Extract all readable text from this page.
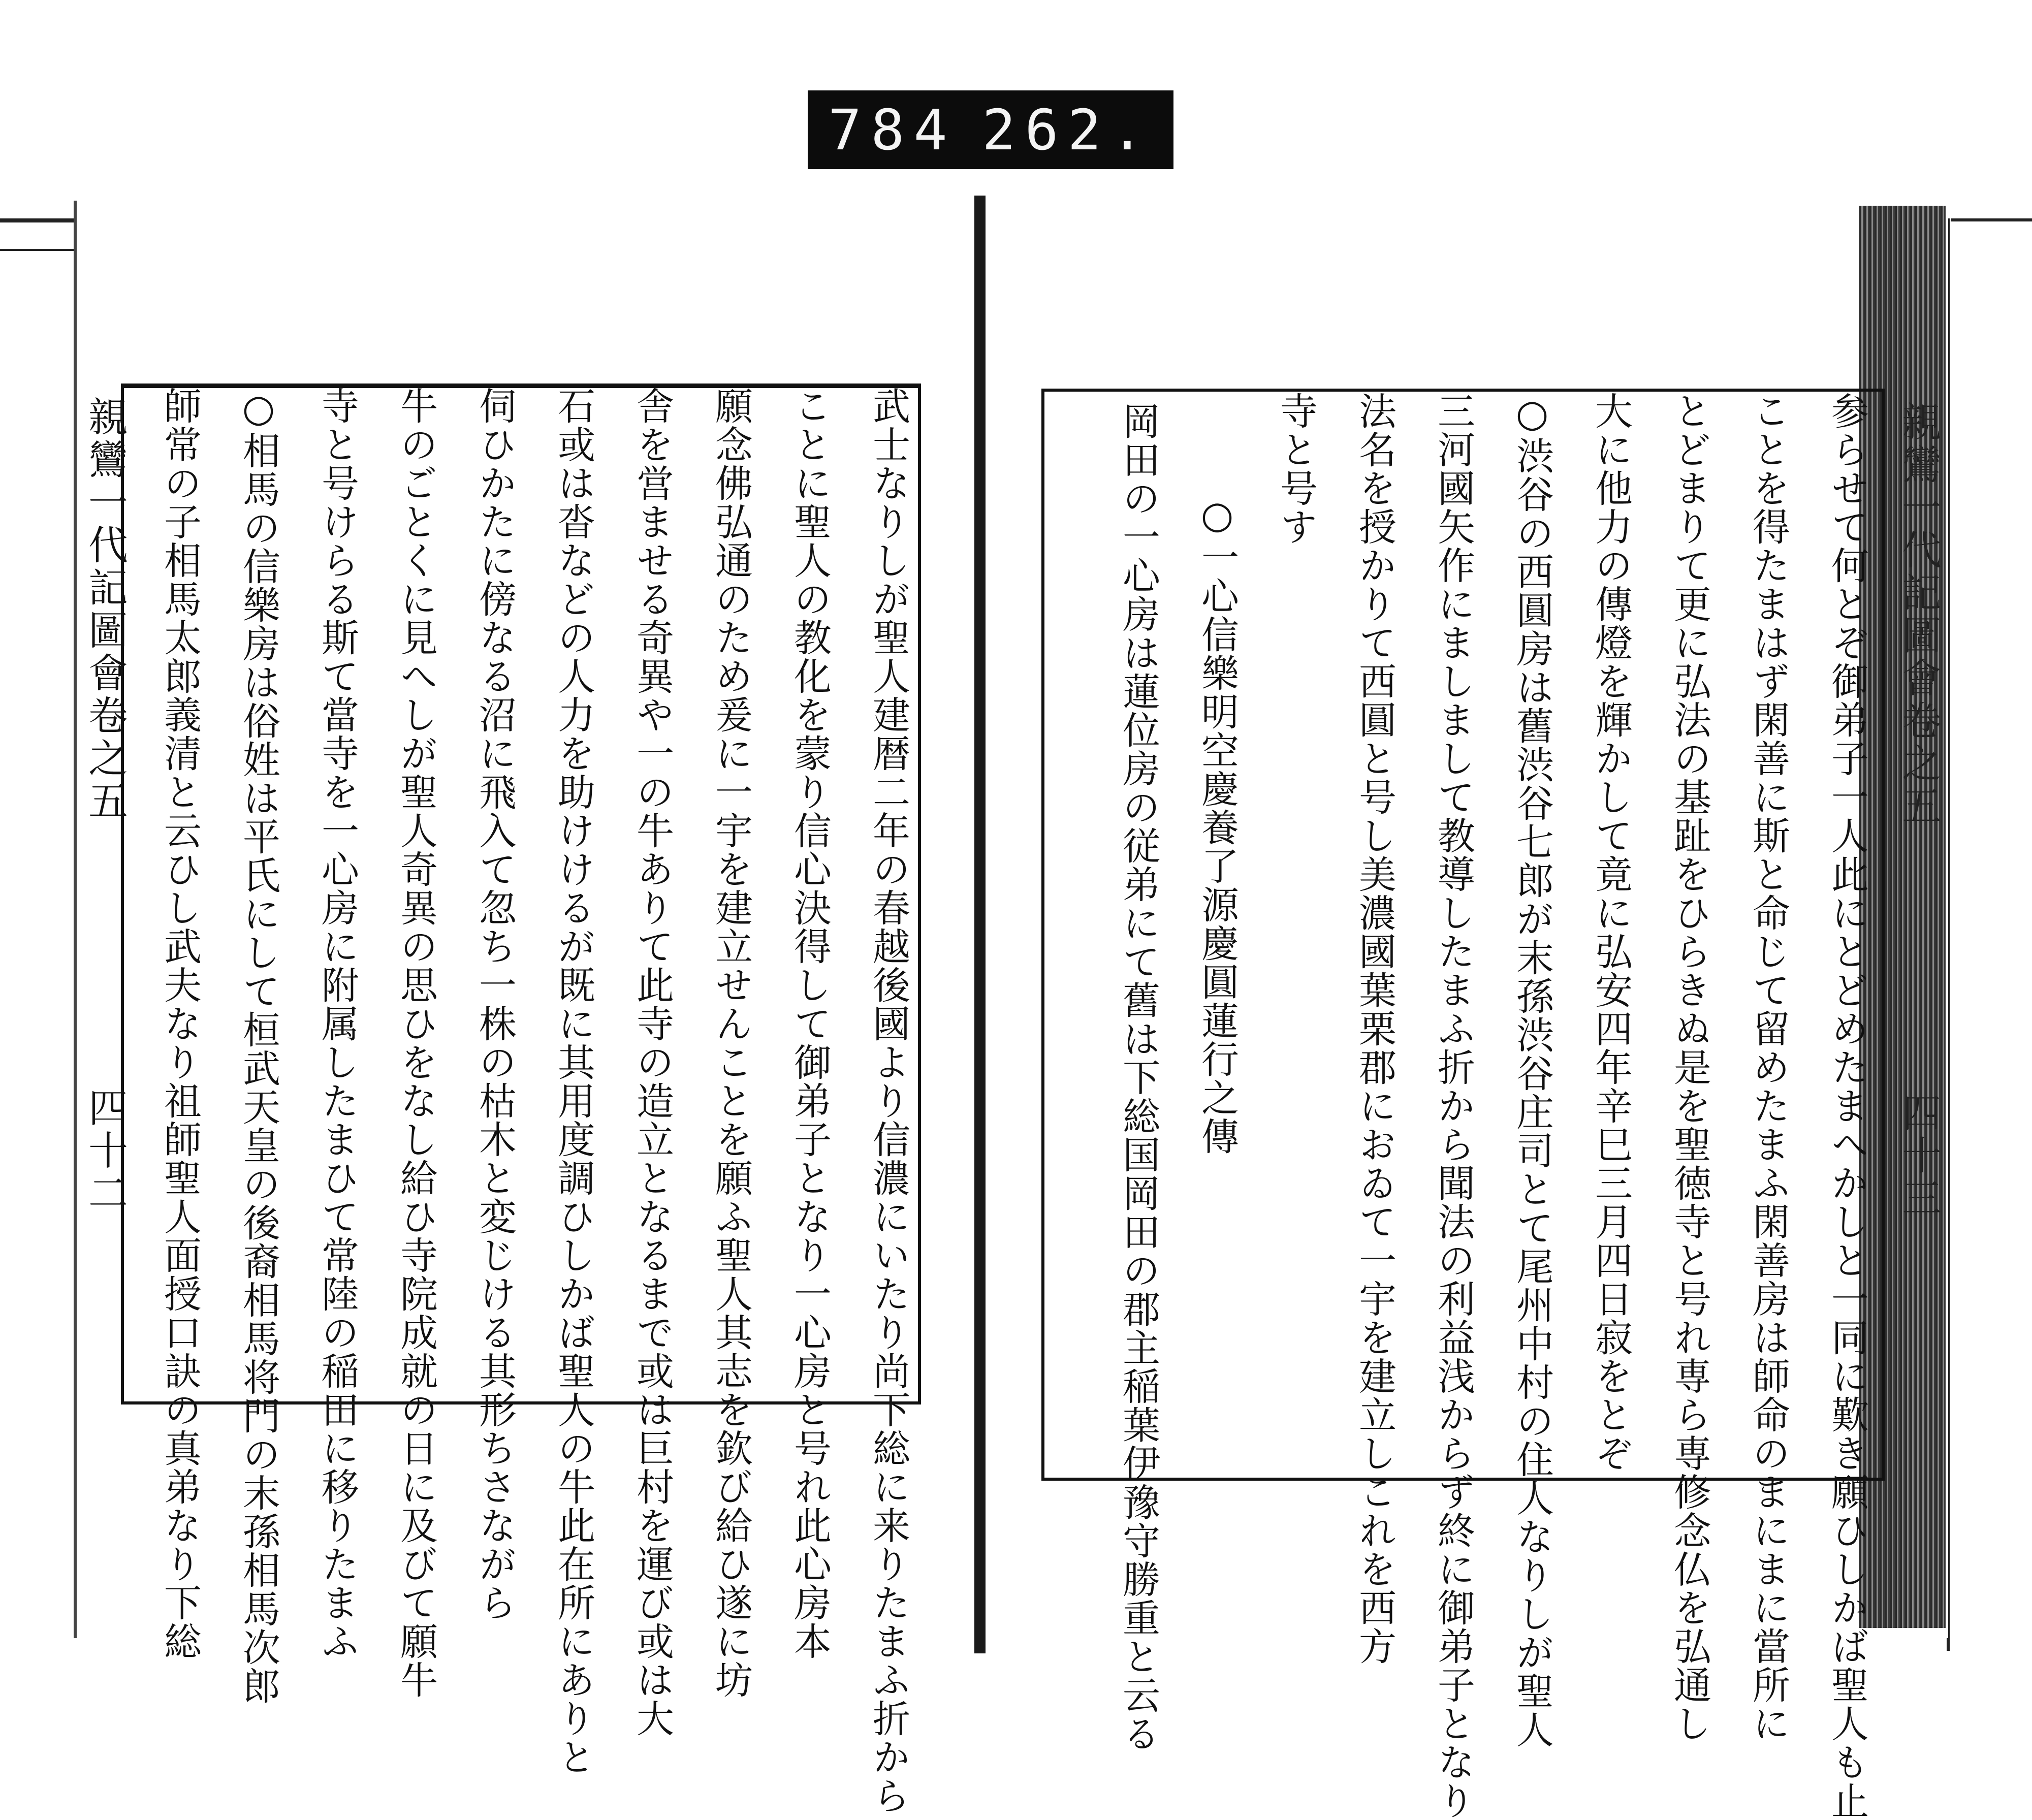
784 262.
親鸞一代記圖會卷之五
四十二	武士なりしが聖人建暦二年の春越後國より信濃にいたり尚下総に来りたまふ折から
ことに聖人の教化を蒙り信心決得して御弟子となり一心房と号れ此心房本
願念佛弘通のため爰に一宇を建立せんことを願ふ聖人其志を欽び給ひ遂に坊
舎を営ませる奇異や一の牛ありて此寺の造立となるまで或は巨村を運び或は大
石或は沓などの人力を助けけるが既に其用度調ひしかば聖人の牛此在所にありと
伺ひかたに傍なる沼に飛入て忽ち一株の枯木と変じける其形ちさながら
牛のごとくに見へしが聖人奇異の思ひをなし給ひ寺院成就の日に及びて願牛
寺と号けらる斯て當寺を一心房に附属したまひて常陸の稲田に移りたまふ
○相馬の信樂房は俗姓は平氏にして桓武天皇の後裔相馬将門の末孫相馬次郎
師常の子相馬太郎義清と云ひし武夫なり祖師聖人面授口訣の真弟なり下総	参らせて何とぞ御弟子一人此にとどめたまへかしと一同に歎き願ひしかば聖人も止
ことを得たまはず閑善に斯と命じて留めたまふ閑善房は師命のまにまに當所に
とどまりて更に弘法の基趾をひらきぬ是を聖徳寺と号れ専ら専修念仏を弘通し
大に他力の傳燈を輝かして竟に弘安四年辛巳三月四日寂をとぞ
○渋谷の西圓房は舊渋谷七郎が末孫渋谷庄司とて尾州中村の住人なりしが聖人
三河國矢作にましまして教導したまふ折から聞法の利益浅からず終に御弟子となり
法名を授かりて西圓と号し美濃國葉栗郡におゐて一宇を建立しこれを西方
寺と号す
○一心信樂明空慶養了源慶圓蓮行之傳
岡田の一心房は蓮位房の従弟にて舊は下総国岡田の郡主稲葉伊豫守勝重と云る	親鸞一代記圖會卷之五
四十三
